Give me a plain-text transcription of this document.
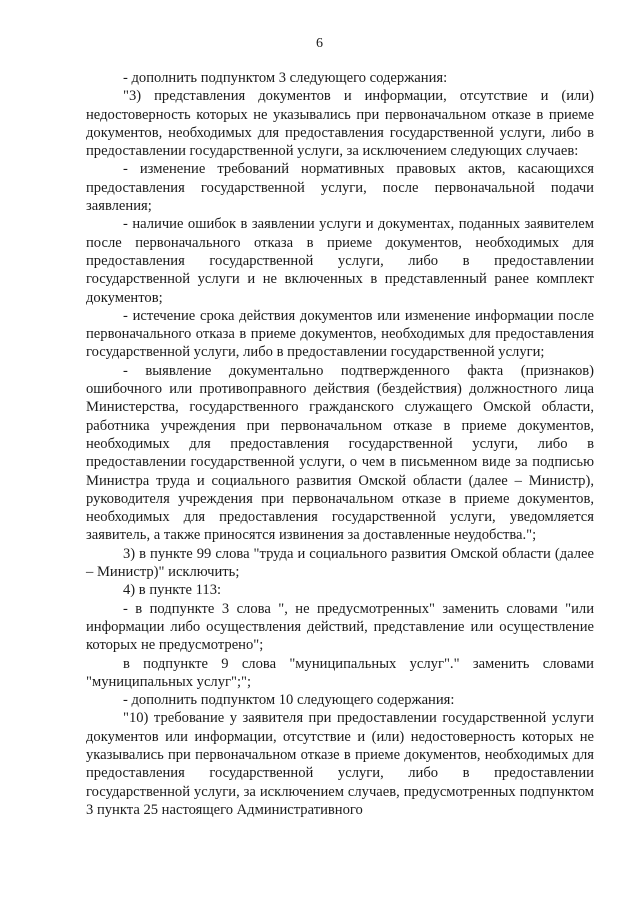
6

- дополнить подпунктом 3 следующего содержания:

"3) представления документов и информации, отсутствие и (или) недостоверность которых не указывались при первоначальном отказе в приеме документов, необходимых для предоставления государственной услуги, либо в предоставлении государственной услуги, за исключением следующих случаев:

- изменение требований нормативных правовых актов, касающихся предоставления государственной услуги, после первоначальной подачи заявления;

- наличие ошибок в заявлении услуги и документах, поданных заявителем после первоначального отказа в приеме документов, необходимых для предоставления государственной услуги, либо в предоставлении государственной услуги и не включенных в представленный ранее комплект документов;

- истечение срока действия документов или изменение информации после первоначального отказа в приеме документов, необходимых для предоставления государственной услуги, либо в предоставлении государственной услуги;

- выявление документально подтвержденного факта (признаков) ошибочного или противоправного действия (бездействия) должностного лица Министерства, государственного гражданского служащего Омской области, работника учреждения при первоначальном отказе в приеме документов, необходимых для предоставления государственной услуги, либо в предоставлении государственной услуги, о чем в письменном виде за подписью Министра труда и социального развития Омской области (далее – Министр), руководителя учреждения при первоначальном отказе в приеме документов, необходимых для предоставления государственной услуги, уведомляется заявитель, а также приносятся извинения за доставленные неудобства.";

3) в пункте 99 слова "труда и социального развития Омской области (далее – Министр)" исключить;

4) в пункте 113:

- в подпункте 3 слова ", не предусмотренных" заменить словами "или информации либо осуществления действий, представление или осуществление которых не предусмотрено";

в подпункте 9 слова "муниципальных услуг"." заменить словами "муниципальных услуг";";

- дополнить подпунктом 10 следующего содержания:

"10) требование у заявителя при предоставлении государственной услуги документов или информации, отсутствие и (или) недостоверность которых не указывались при первоначальном отказе в приеме документов, необходимых для предоставления государственной услуги, либо в предоставлении государственной услуги, за исключением случаев, предусмотренных подпунктом 3 пункта 25 настоящего Административного
